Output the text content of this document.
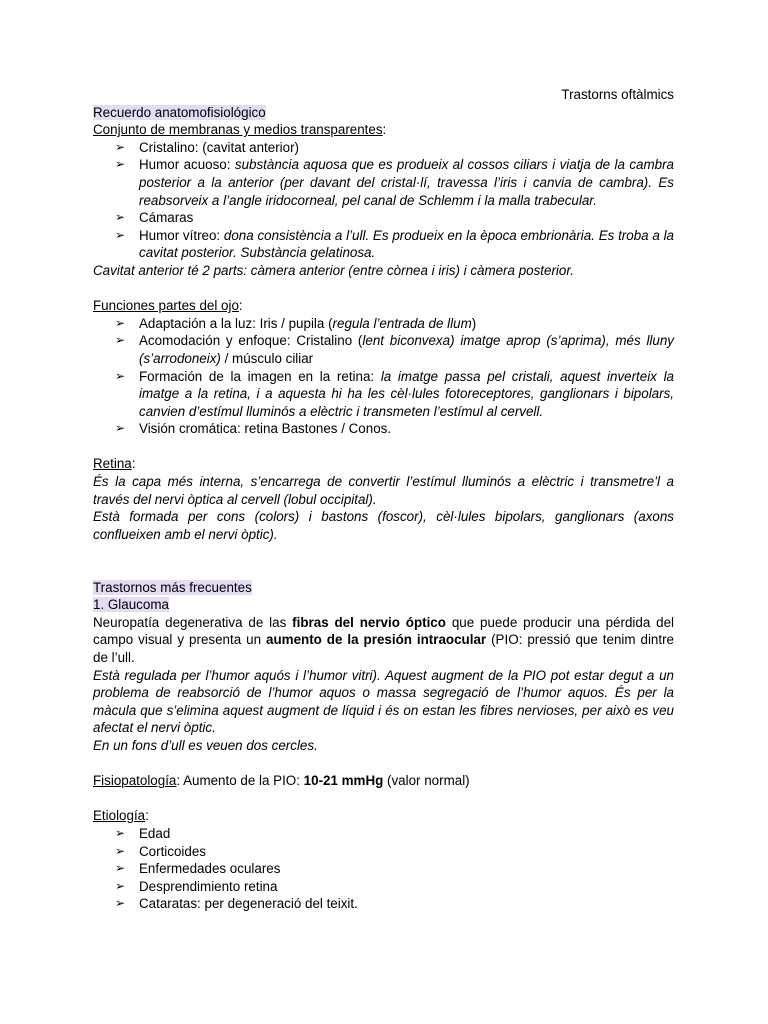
Trastorns oftàlmics

Recuerdo anatomofisiológico

Conjunto de membranas y medios transparentes:

➢ Cristalino: (cavitat anterior)
➢ Humor acuoso: substància aquosa que es produeix al cossos ciliars i viatja de la cambra posterior a la anterior (per davant del cristal·lí, travessa l’iris i canvia de cambra). Es reabsorveix a l’angle iridocorneal, pel canal de Schlemm i la malla trabecular.
➢ Cámaras
➢ Humor vítreo: dona consistència a l’ull. Es produeix en la època embrionària. Es troba a la cavitat posterior. Substància gelatinosa.

Cavitat anterior té 2 parts: càmera anterior (entre còrnea i iris) i càmera posterior.

Funciones partes del ojo:

➢ Adaptación a la luz: Iris / pupila (regula l’entrada de llum)
➢ Acomodación y enfoque: Cristalino (lent biconvexa) imatge aprop (s’aprima), més lluny (s’arrodoneix) / músculo ciliar
➢ Formación de la imagen en la retina: la imatge passa pel cristali, aquest inverteix la imatge a la retina, i a aquesta hi ha les cèl·lules fotoreceptores, ganglionars i bipolars, canvien d’estímul lluminós a elèctric i transmeten l’estímul al cervell.
➢ Visión cromática: retina Bastones / Conos.

Retina:

És la capa més interna, s’encarrega de convertir l’estímul lluminós a elèctric i transmetre’l a través del nervi òptica al cervell (lobul occipital).

Està formada per cons (colors) i bastons (foscor), cèl·lules bipolars, ganglionars (axons conflueixen amb el nervi òptic).

Trastornos más frecuentes

1. Glaucoma

Neuropatía degenerativa de las fibras del nervio óptico que puede producir una pérdida del campo visual y presenta un aumento de la presión intraocular (PIO: pressió que tenim dintre de l’ull.

Està regulada per l’humor aquós i l’humor vitri). Aquest augment de la PIO pot estar degut a un problema de reabsorció de l’humor aquos o massa segregació de l’humor aquos. És per la màcula que s’elimina aquest augment de líquid i és on estan les fibres nervioses, per això es veu afectat el nervi òptic.

En un fons d’ull es veuen dos cercles.

Fisiopatología: Aumento de la PIO: 10-21 mmHg (valor normal)

Etiología:

➢ Edad
➢ Corticoides
➢ Enfermedades oculares
➢ Desprendimiento retina
➢ Cataratas: per degeneració del teixit.
